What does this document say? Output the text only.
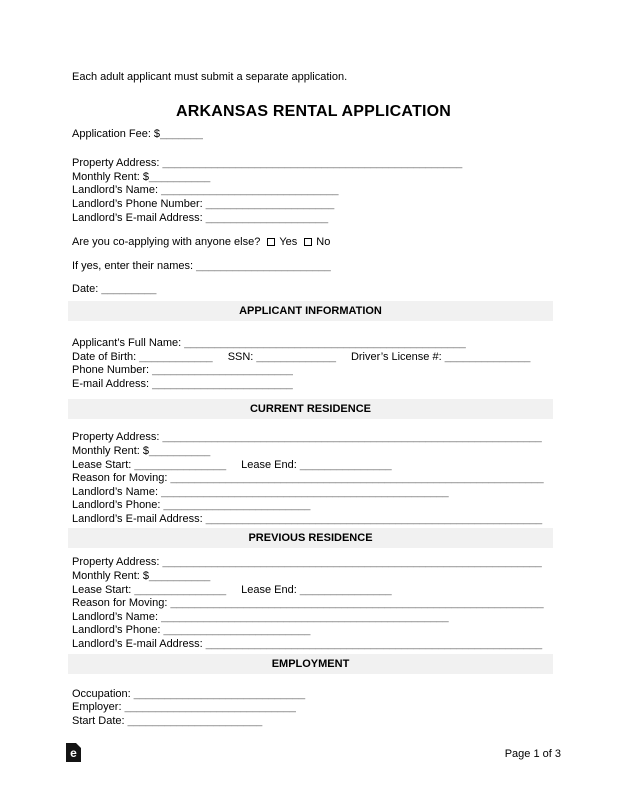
Each adult applicant must submit a separate application.
ARKANSAS RENTAL APPLICATION
Application Fee: $_______
Property Address: _________________________________________________
Monthly Rent: $__________
Landlord’s Name: _____________________________
Landlord’s Phone Number: _____________________
Landlord’s E-mail Address: ____________________
Are you co-applying with anyone else? Yes No
If yes, enter their names: ______________________
Date: _________
APPLICANT INFORMATION
Applicant’s Full Name: ______________________________________________
Date of Birth: ____________ SSN: _____________ Driver’s License #: ______________
Phone Number: _______________________
E-mail Address: _______________________
CURRENT RESIDENCE
Property Address: ______________________________________________________________
Monthly Rent: $__________
Lease Start: _______________ Lease End: _______________
Reason for Moving: _____________________________________________________________
Landlord’s Name: _______________________________________________
Landlord’s Phone: ________________________
Landlord’s E-mail Address: _______________________________________________________
PREVIOUS RESIDENCE
Property Address: ______________________________________________________________
Monthly Rent: $__________
Lease Start: _______________ Lease End: _______________
Reason for Moving: _____________________________________________________________
Landlord’s Name: _______________________________________________
Landlord’s Phone: ________________________
Landlord’s E-mail Address: _______________________________________________________
EMPLOYMENT
Occupation: ____________________________
Employer: ____________________________
Start Date: ______________________
e	Page 1 of 3
